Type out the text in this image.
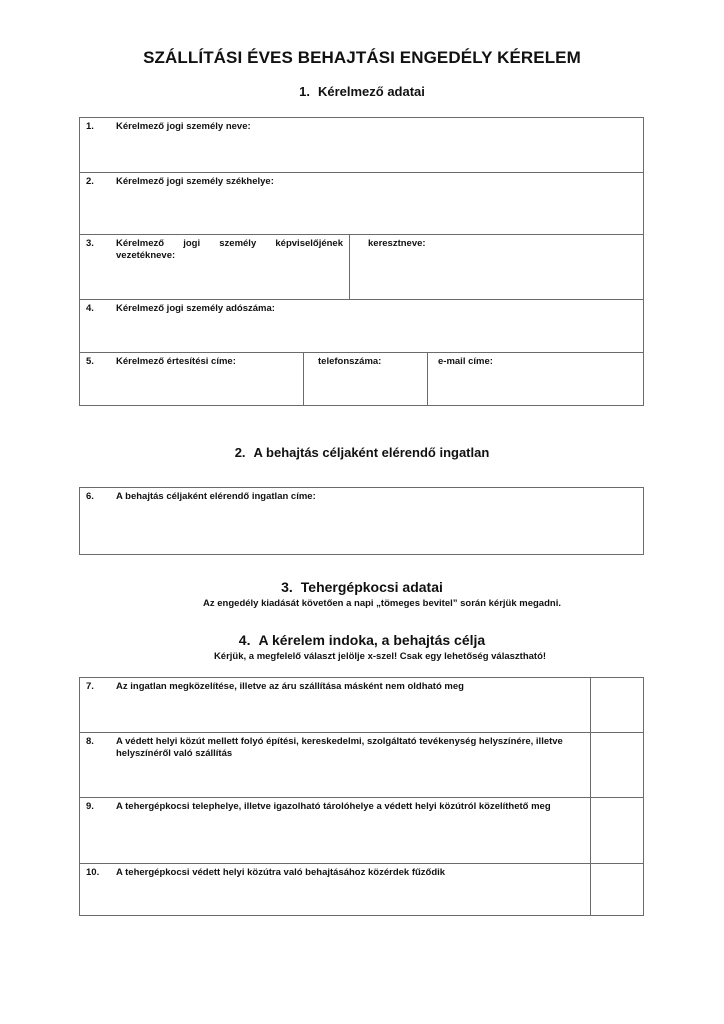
SZÁLLÍTÁSI ÉVES BEHAJTÁSI ENGEDÉLY KÉRELEM
1. Kérelmező adatai
1.	Kérelmező jogi személy neve:
2.	Kérelmező jogi személy székhelye:
3.	Kérelmező jogi személy képviselőjének vezetékneve:
keresztneve:
4.	Kérelmező jogi személy adószáma:
5.	Kérelmező értesítési címe:	telefonszáma:	e-mail címe:
2. A behajtás céljaként elérendő ingatlan
6.	A behajtás céljaként elérendő ingatlan címe:
3. Tehergépkocsi adatai
Az engedély kiadását követően a napi „tömeges bevitel” során kérjük megadni.
4. A kérelem indoka, a behajtás célja
Kérjük, a megfelelő választ jelölje x-szel! Csak egy lehetőség választható!
7.	Az ingatlan megközelítése, illetve az áru szállítása másként nem oldható meg
8.	A védett helyi közút mellett folyó építési, kereskedelmi, szolgáltató tevékenység helyszínére, illetve helyszínéről való szállítás
9.	A tehergépkocsi telephelye, illetve igazolható tárolóhelye a védett helyi közútról közelíthető meg
10.	A tehergépkocsi védett helyi közútra való behajtásához közérdek fűződik
